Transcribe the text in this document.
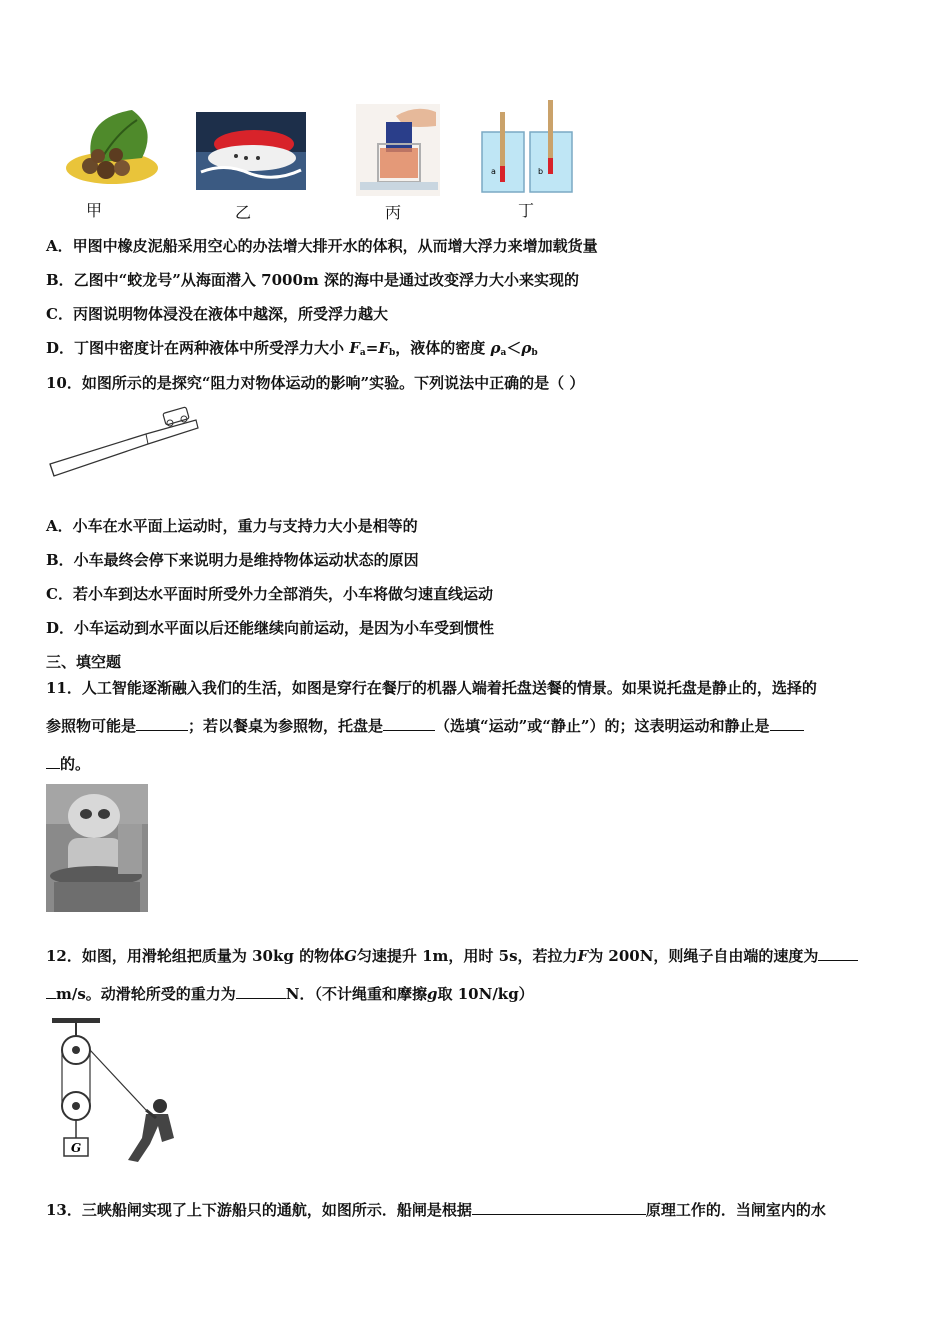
a	b
甲	乙	丙	丁
A．甲图中橡皮泥船采用空心的办法增大排开水的体积，从而增大浮力来增加载货量
B．乙图中“蛟龙号”从海面潜入 7000m 深的海中是通过改变浮力大小来实现的
C．丙图说明物体浸没在液体中越深，所受浮力越大
D．丁图中密度计在两种液体中所受浮力大小 $F_a=F_b$，液体的密度 $\rho_a<\rho_b$
10．如图所示的是探究“阻力对物体运动的影响”实验。下列说法中正确的是（ ）
A．小车在水平面上运动时，重力与支持力大小是相等的
B．小车最终会停下来说明力是维持物体运动状态的原因
C．若小车到达水平面时所受外力全部消失，小车将做匀速直线运动
D．小车运动到水平面以后还能继续向前运动，是因为小车受到惯性
三、填空题
11．人工智能逐渐融入我们的生活，如图是穿行在餐厅的机器人端着托盘送餐的情景。如果说托盘是静止的，选择的
参照物可能是	；若以餐桌为参照物，托盘是	（选填“运动”或“静止”）的；这表明运动和静止是
的。
12．如图，用滑轮组把质量为 30kg 的物体G匀速提升 1m，用时 5s，若拉力F为 200N，则绳子自由端的速度为
m/s。动滑轮所受的重力为	N．（不计绳重和摩擦g取 10N/kg）
G
13．三峡船闸实现了上下游船只的通航，如图所示．船闸是根据	原理工作的．当闸室内的水
